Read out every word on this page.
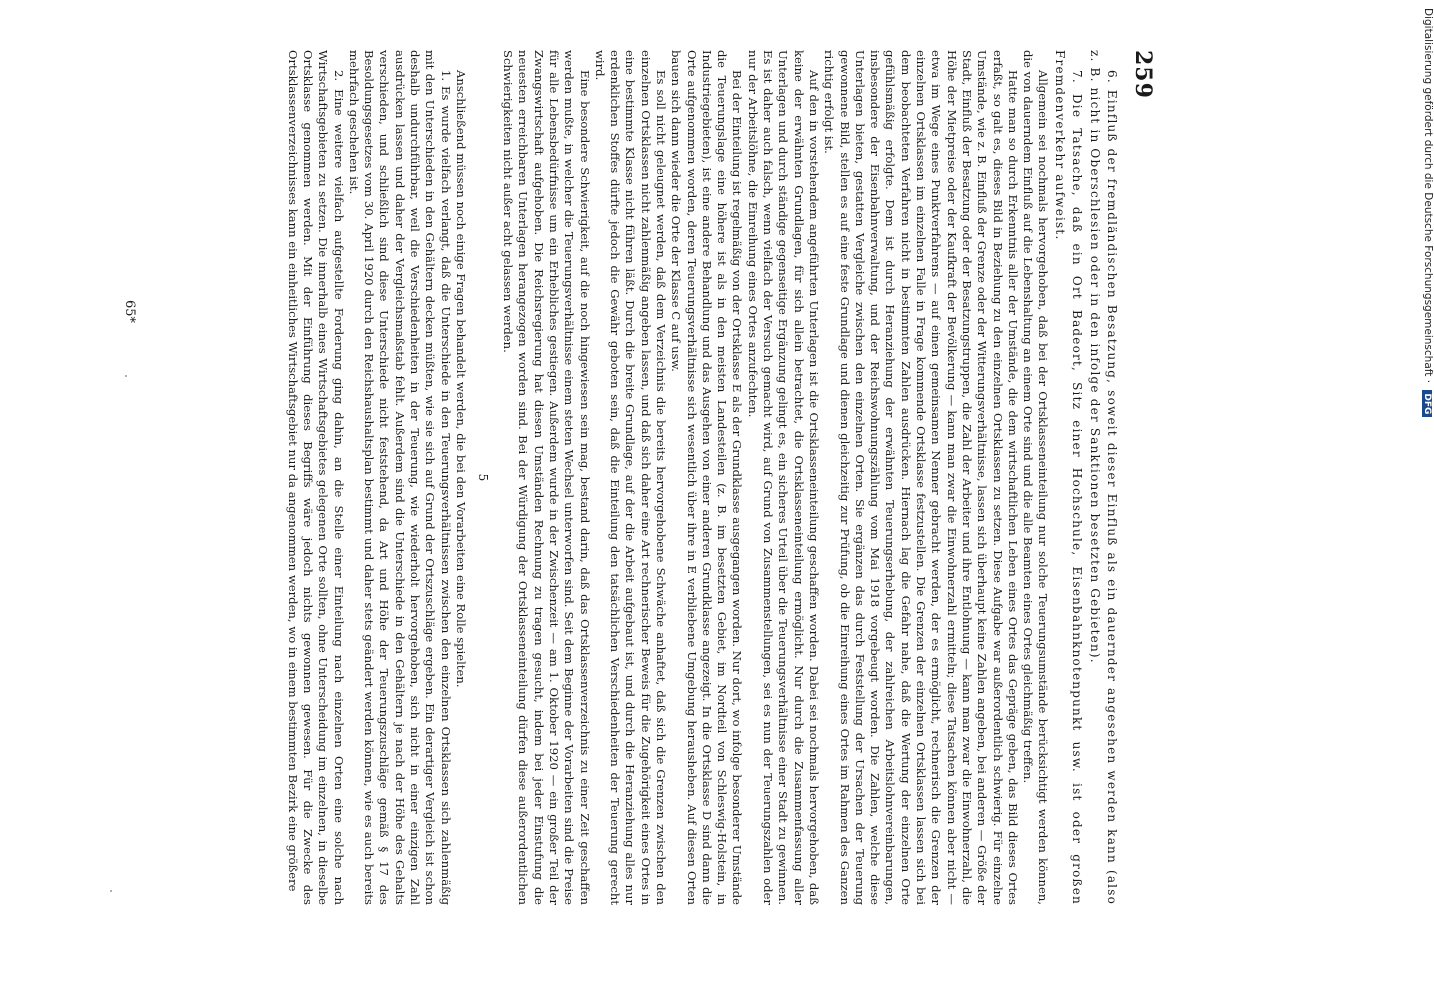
259

6. Einfluß der fremdländischen Besatzung, soweit dieser Einfluß als ein dauernder angesehen werden kann (also z. B. nicht in Oberschlesien oder in den infolge der Sanktionen besetzten Gebieten).

7. Die Tatsache, daß ein Ort Badeort, Sitz einer Hochschule, Eisenbahnknotenpunkt usw. ist oder großen Fremdenverkehr aufweist.

Allgemein sei nochmals hervorgehoben, daß bei der Ortsklasseneinteilung nur solche Teuerungsumstände berücksichtigt werden können, die von dauerndem Einfluß auf die Lebenshaltung an einem Orte sind und die alle Beamten eines Ortes gleichmäßig treffen.

Hatte man so durch Erkenntnis aller der Umstände, die dem wirtschaftlichen Leben eines Ortes das Gepräge geben, das Bild dieses Ortes erfaßt, so galt es, dieses Bild in Beziehung zu den einzelnen Ortsklassen zu setzen. Diese Aufgabe war außerordentlich schwierig. Für einzelne Umstände, wie z. B. Einfluß der Grenze oder der Witterungsverhältnisse, lassen sich überhaupt keine Zahlen angeben, bei anderen — Größe der Stadt, Einfluß der Besatzung oder der Besatzungstruppen, die Zahl der Arbeiter und ihre Entlohnung — kann man zwar die Einwohnerzahl, die Höhe der Mietpreise oder der Kaufkraft der Bevölkerung — kann man zwar die Einwohnerzahl ermitteln; diese Tatsachen können aber nicht — etwa im Wege eines Punktverfahrens — auf einen gemeinsamen Nenner gebracht werden, der es ermöglicht, rechnerisch die Grenzen der einzelnen Ortsklassen im einzelnen Falle in Frage kommende Ortsklasse festzustellen. Die Grenzen der einzelnen Ortsklassen lassen sich bei dem beobachteten Verfahren nicht in bestimmten Zahlen ausdrücken. Hiernach lag die Gefahr nahe, daß die Wertung der einzelnen Orte gefühlsmäßig erfolgte. Dem ist durch Heranziehung der erwähnten Teuerungserhebung, der zahlreichen Arbeitslohnvereinbarungen, insbesondere der Eisenbahnverwaltung, und der Reichswohnungszählung vom Mai 1918 vorgebeugt worden. Die Zahlen, welche diese Unterlagen bieten, gestatten Vergleiche zwischen den einzelnen Orten. Sie ergänzen das durch Feststellung der Ursachen der Teuerung gewonnene Bild, stellen es auf eine feste Grundlage und dienen gleichzeitig zur Prüfung, ob die Einreihung eines Ortes im Rahmen des Ganzen richtig erfolgt ist.

Auf den in vorstehendem angeführten Unterlagen ist die Ortsklasseneinteilung geschaffen worden. Dabei sei nochmals hervorgehoben, daß keine der erwähnten Grundlagen, für sich allein betrachtet, die Ortsklasseneinteilung ermöglicht. Nur durch die Zusammenfassung aller Unterlagen und durch ständige gegenseitige Ergänzung gelingt es, ein sicheres Urteil über die Teuerungsverhältnisse einer Stadt zu gewinnen. Es ist daher auch falsch, wenn vielfach der Versuch gemacht wird, auf Grund von Zusammenstellungen, sei es nun der Teuerungszahlen oder nur der Arbeitslöhne, die Einreihung eines Ortes anzufechten.

Bei der Einteilung ist regelmäßig von der Ortsklasse E als der Grundklasse ausgegangen worden. Nur dort, wo infolge besonderer Umstände die Teuerungslage eine höhere ist als in den meisten Landesteilen (z. B. im besetzten Gebiet, im Nordteil von Schleswig-Holstein, in Industriegebieten), ist eine andere Behandlung und das Ausgehen von einer anderen Grundklasse angezeigt. In die Ortsklasse D sind dann die Orte aufgenommen worden, deren Teuerungsverhältnisse sich wesentlich über ihre in E verbliebene Umgebung herausheben. Auf diesen Orten bauen sich dann wieder die Orte der Klasse C auf usw.

Es soll nicht geleugnet werden, daß dem Verzeichnis die bereits hervorgehobene Schwäche anhaftet, daß sich die Grenzen zwischen den einzelnen Ortsklassen nicht zahlenmäßig angeben lassen, und daß sich daher eine Art rechnerischer Beweis für die Zugehörigkeit eines Ortes in eine bestimmte Klasse nicht führen läßt. Durch die breite Grundlage, auf der die Arbeit aufgebaut ist, und durch die Heranziehung alles nur erdenklichen Stoffes dürfte jedoch die Gewähr geboten sein, daß die Einteilung den tatsächlichen Verschiedenheiten der Teuerung gerecht wird.

Eine besondere Schwierigkeit, auf die noch hingewiesen sein mag, bestand darin, daß das Ortsklassenverzeichnis zu einer Zeit geschaffen werden mußte, in welcher die Teuerungsverhältnisse einem steten Wechsel unterworfen sind. Seit dem Beginne der Vorarbeiten sind die Preise für alle Lebensbedürfnisse um ein Erhebliches gestiegen. Außerdem wurde in der Zwischenzeit — am 1. Oktober 1920 — ein großer Teil der Zwangswirtschaft aufgehoben. Die Reichsregierung hat diesen Umständen Rechnung zu tragen gesucht, indem bei jeder Einstufung die neuesten erreichbaren Unterlagen herangezogen worden sind. Bei der Würdigung der Ortsklasseneinteilung dürfen diese außerordentlichen Schwierigkeiten nicht außer acht gelassen werden.

5

Anschließend müssen noch einige Fragen behandelt werden, die bei den Vorarbeiten eine Rolle spielten.

1. Es wurde vielfach verlangt, daß die Unterschiede in den Teuerungsverhältnissen zwischen den einzelnen Ortsklassen sich zahlenmäßig mit den Unterschieden in den Gehältern decken müßten, wie sie sich auf Grund der Ortszuschläge ergeben. Ein derartiger Vergleich ist schon deshalb undurchführbar, weil die Verschiedenheiten in der Teuerung, wie wiederholt hervorgehoben, sich nicht in einer einzigen Zahl ausdrücken lassen und daher der Vergleichsmaßstab fehlt. Außerdem sind die Unterschiede in den Gehältern je nach der Höhe des Gehalts verschieden, und schließlich sind diese Unterschiede nicht feststehend, da Art und Höhe der Teuerungszuschläge gemäß § 17 des Besoldungsgesetzes vom 30. April 1920 durch den Reichshaushaltsplan bestimmt und daher stets geändert werden können, wie es auch bereits mehrfach geschehen ist.

2. Eine weitere vielfach aufgestellte Forderung ging dahin, an die Stelle einer Einteilung nach einzelnen Orten eine solche nach Wirtschaftsgebieten zu setzen. Die innerhalb eines Wirtschaftsgebietes gelegenen Orte sollten, ohne Unterscheidung im einzelnen, in dieselbe Ortsklasse genommen werden. Mit der Einführung dieses Begriffs wäre jedoch nichts gewonnen gewesen. Für die Zwecke des Ortsklassenverzeichnisses kann ein einheitliches Wirtschaftsgebiet nur da angenommen werden, wo in einem bestimmten Bezirk eine größere

65*	Digitalisierung gefördert durch die Deutsche Forschungsgemeinschaft · DFG
